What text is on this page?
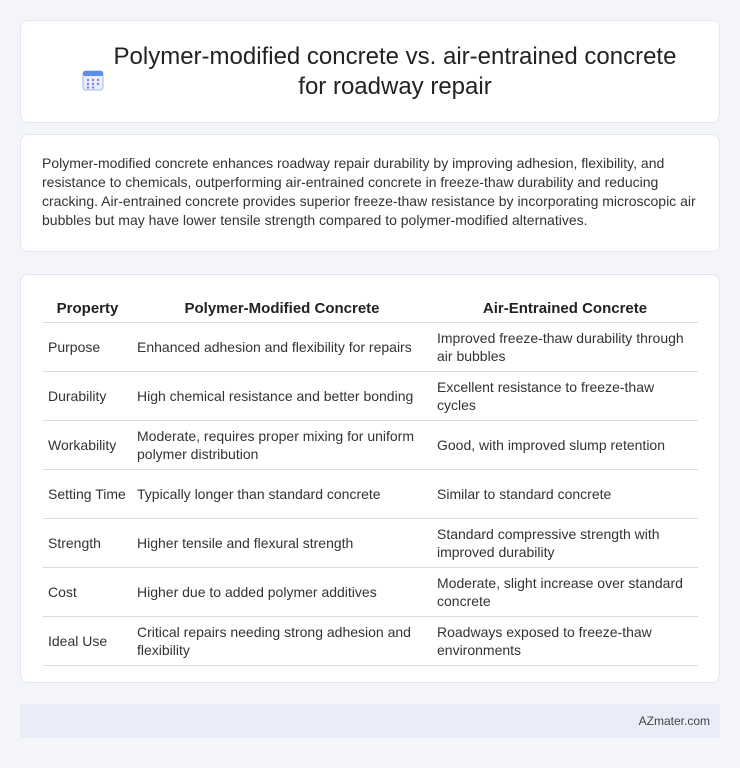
Polymer-modified concrete vs. air-entrained concrete for roadway repair

Polymer-modified concrete enhances roadway repair durability by improving adhesion, flexibility, and resistance to chemicals, outperforming air-entrained concrete in freeze-thaw durability and reducing cracking. Air-entrained concrete provides superior freeze-thaw resistance by incorporating microscopic air bubbles but may have lower tensile strength compared to polymer-modified alternatives.

Property	Polymer-Modified Concrete	Air-Entrained Concrete
Purpose	Enhanced adhesion and flexibility for repairs	Improved freeze-thaw durability through air bubbles
Durability	High chemical resistance and better bonding	Excellent resistance to freeze-thaw cycles
Workability	Moderate, requires proper mixing for uniform polymer distribution	Good, with improved slump retention
Setting Time	Typically longer than standard concrete	Similar to standard concrete
Strength	Higher tensile and flexural strength	Standard compressive strength with improved durability
Cost	Higher due to added polymer additives	Moderate, slight increase over standard concrete
Ideal Use	Critical repairs needing strong adhesion and flexibility	Roadways exposed to freeze-thaw environments
AZmater.com
